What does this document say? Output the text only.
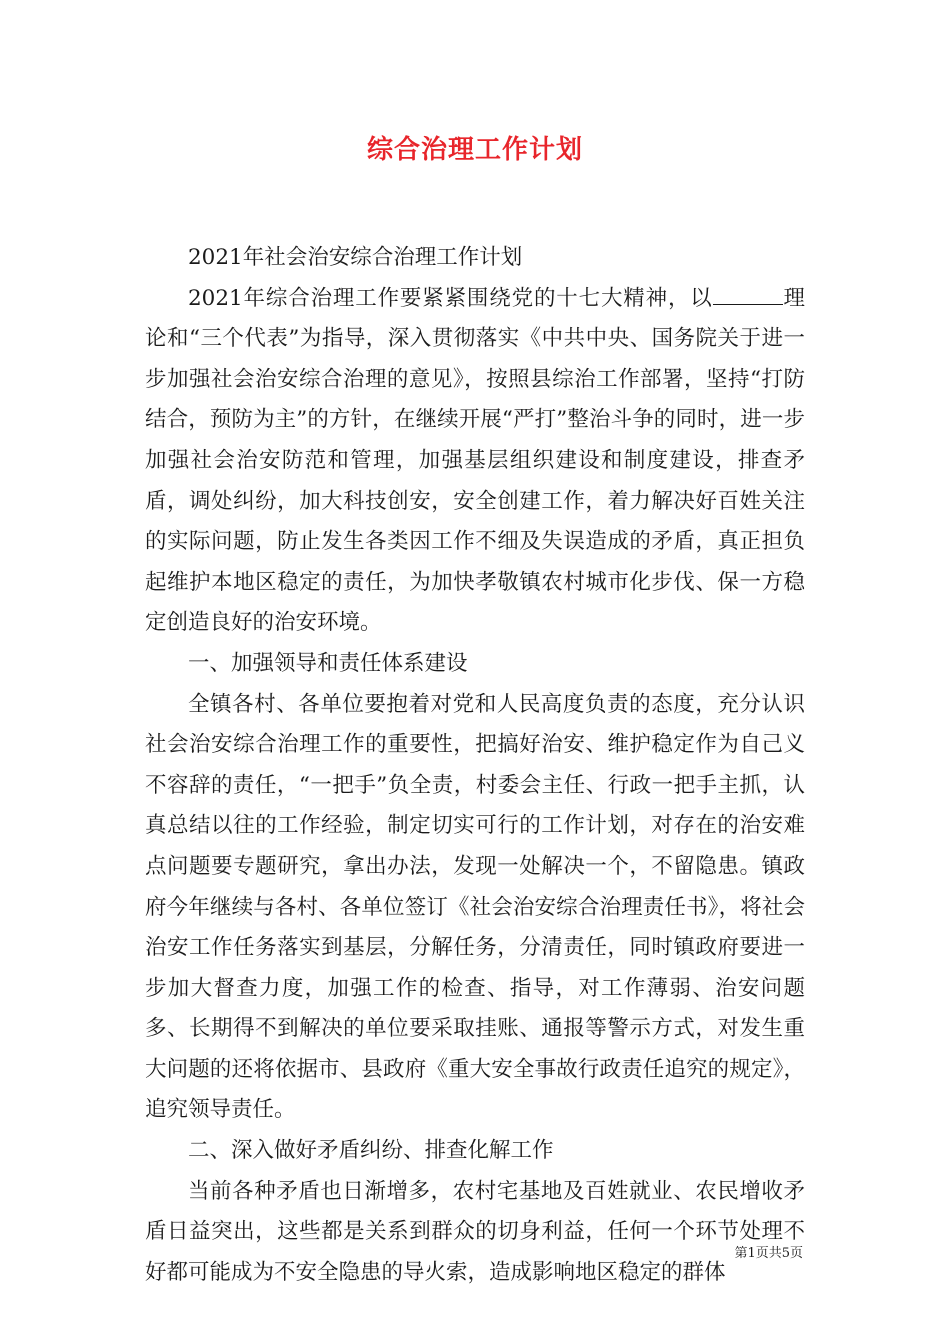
综合治理工作计划

2021年社会治安综合治理工作计划

2021年综合治理工作要紧紧围绕党的十七大精神，以	理论和“三个代表”为指导，深入贯彻落实《中共中央、国务院关于进一步加强社会治安综合治理的意见》，按照县综治工作部署，坚持“打防结合，预防为主”的方针，在继续开展“严打”整治斗争的同时，进一步加强社会治安防范和管理，加强基层组织建设和制度建设，排查矛盾，调处纠纷，加大科技创安，安全创建工作，着力解决好百姓关注的实际问题，防止发生各类因工作不细及失误造成的矛盾，真正担负起维护本地区稳定的责任，为加快孝敬镇农村城市化步伐、保一方稳定创造良好的治安环境。

一、加强领导和责任体系建设

全镇各村、各单位要抱着对党和人民高度负责的态度，充分认识社会治安综合治理工作的重要性，把搞好治安、维护稳定作为自己义不容辞的责任，“一把手”负全责，村委会主任、行政一把手主抓，认真总结以往的工作经验，制定切实可行的工作计划，对存在的治安难点问题要专题研究，拿出办法，发现一处解决一个，不留隐患。镇政府今年继续与各村、各单位签订《社会治安综合治理责任书》，将社会治安工作任务落实到基层，分解任务，分清责任，同时镇政府要进一步加大督查力度，加强工作的检查、指导，对工作薄弱、治安问题多、长期得不到解决的单位要采取挂账、通报等警示方式，对发生重大问题的还将依据市、县政府《重大安全事故行政责任追究的规定》，追究领导责任。

二、深入做好矛盾纠纷、排查化解工作

当前各种矛盾也日渐增多，农村宅基地及百姓就业、农民增收矛盾日益突出，这些都是关系到群众的切身利益，任何一个环节处理不好都可能成为不安全隐患的导火索，造成影响地区稳定的群体

第1页共5页
